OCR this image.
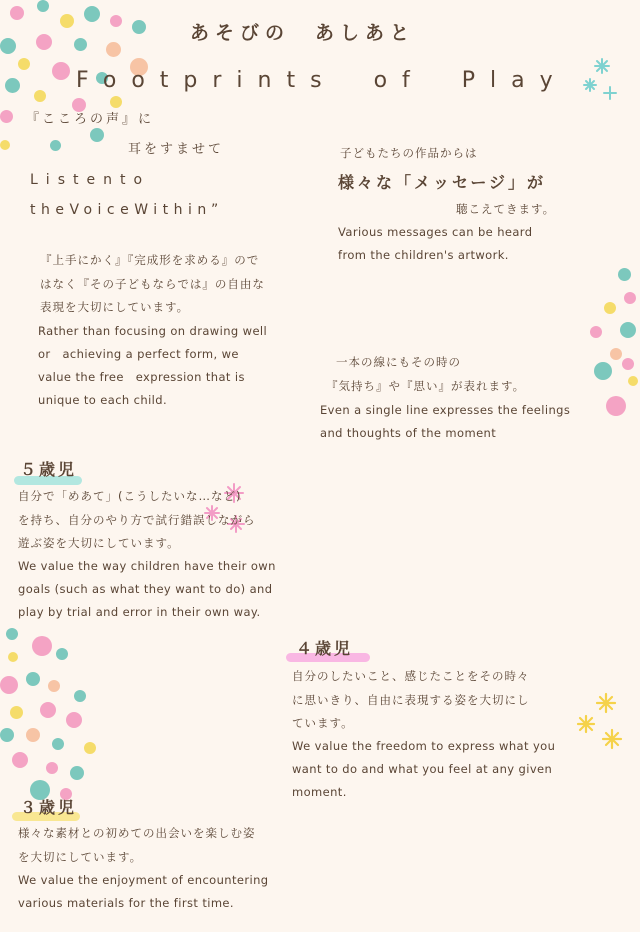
あそびの　あしあと
Footprints　of　Play
『こころの声』に
耳をすませて
Listento
theVoiceWithin”
子どもたちの作品からは
様々な「メッセージ」が
聴こえてきます。
Various messages can be heard
from the children's artwork.
『上手にかく』『完成形を求める』ので
はなく『その子どもならでは』の自由な
表現を大切にしています。
Rather than focusing on drawing well
or　achieving a perfect form, we
value the free　expression that is
unique to each child.
一本の線にもその時の
『気持ち』や『思い』が表れます。
Even a single line expresses the feelings
and thoughts of the moment
５歳児
自分で「めあて」(こうしたいな…など)
を持ち、自分のやり方で試行錯誤しながら
遊ぶ姿を大切にしています。
We value the way children have their own
goals (such as what they want to do) and
play by trial and error in their own way.
４歳児
自分のしたいこと、感じたことをその時々
に思いきり、自由に表現する姿を大切にし
ています。
We value the freedom to express what you
want to do and what you feel at any given
moment.
３歳児
様々な素材との初めての出会いを楽しむ姿
を大切にしています。
We value the enjoyment of encountering
various materials for the first time.
